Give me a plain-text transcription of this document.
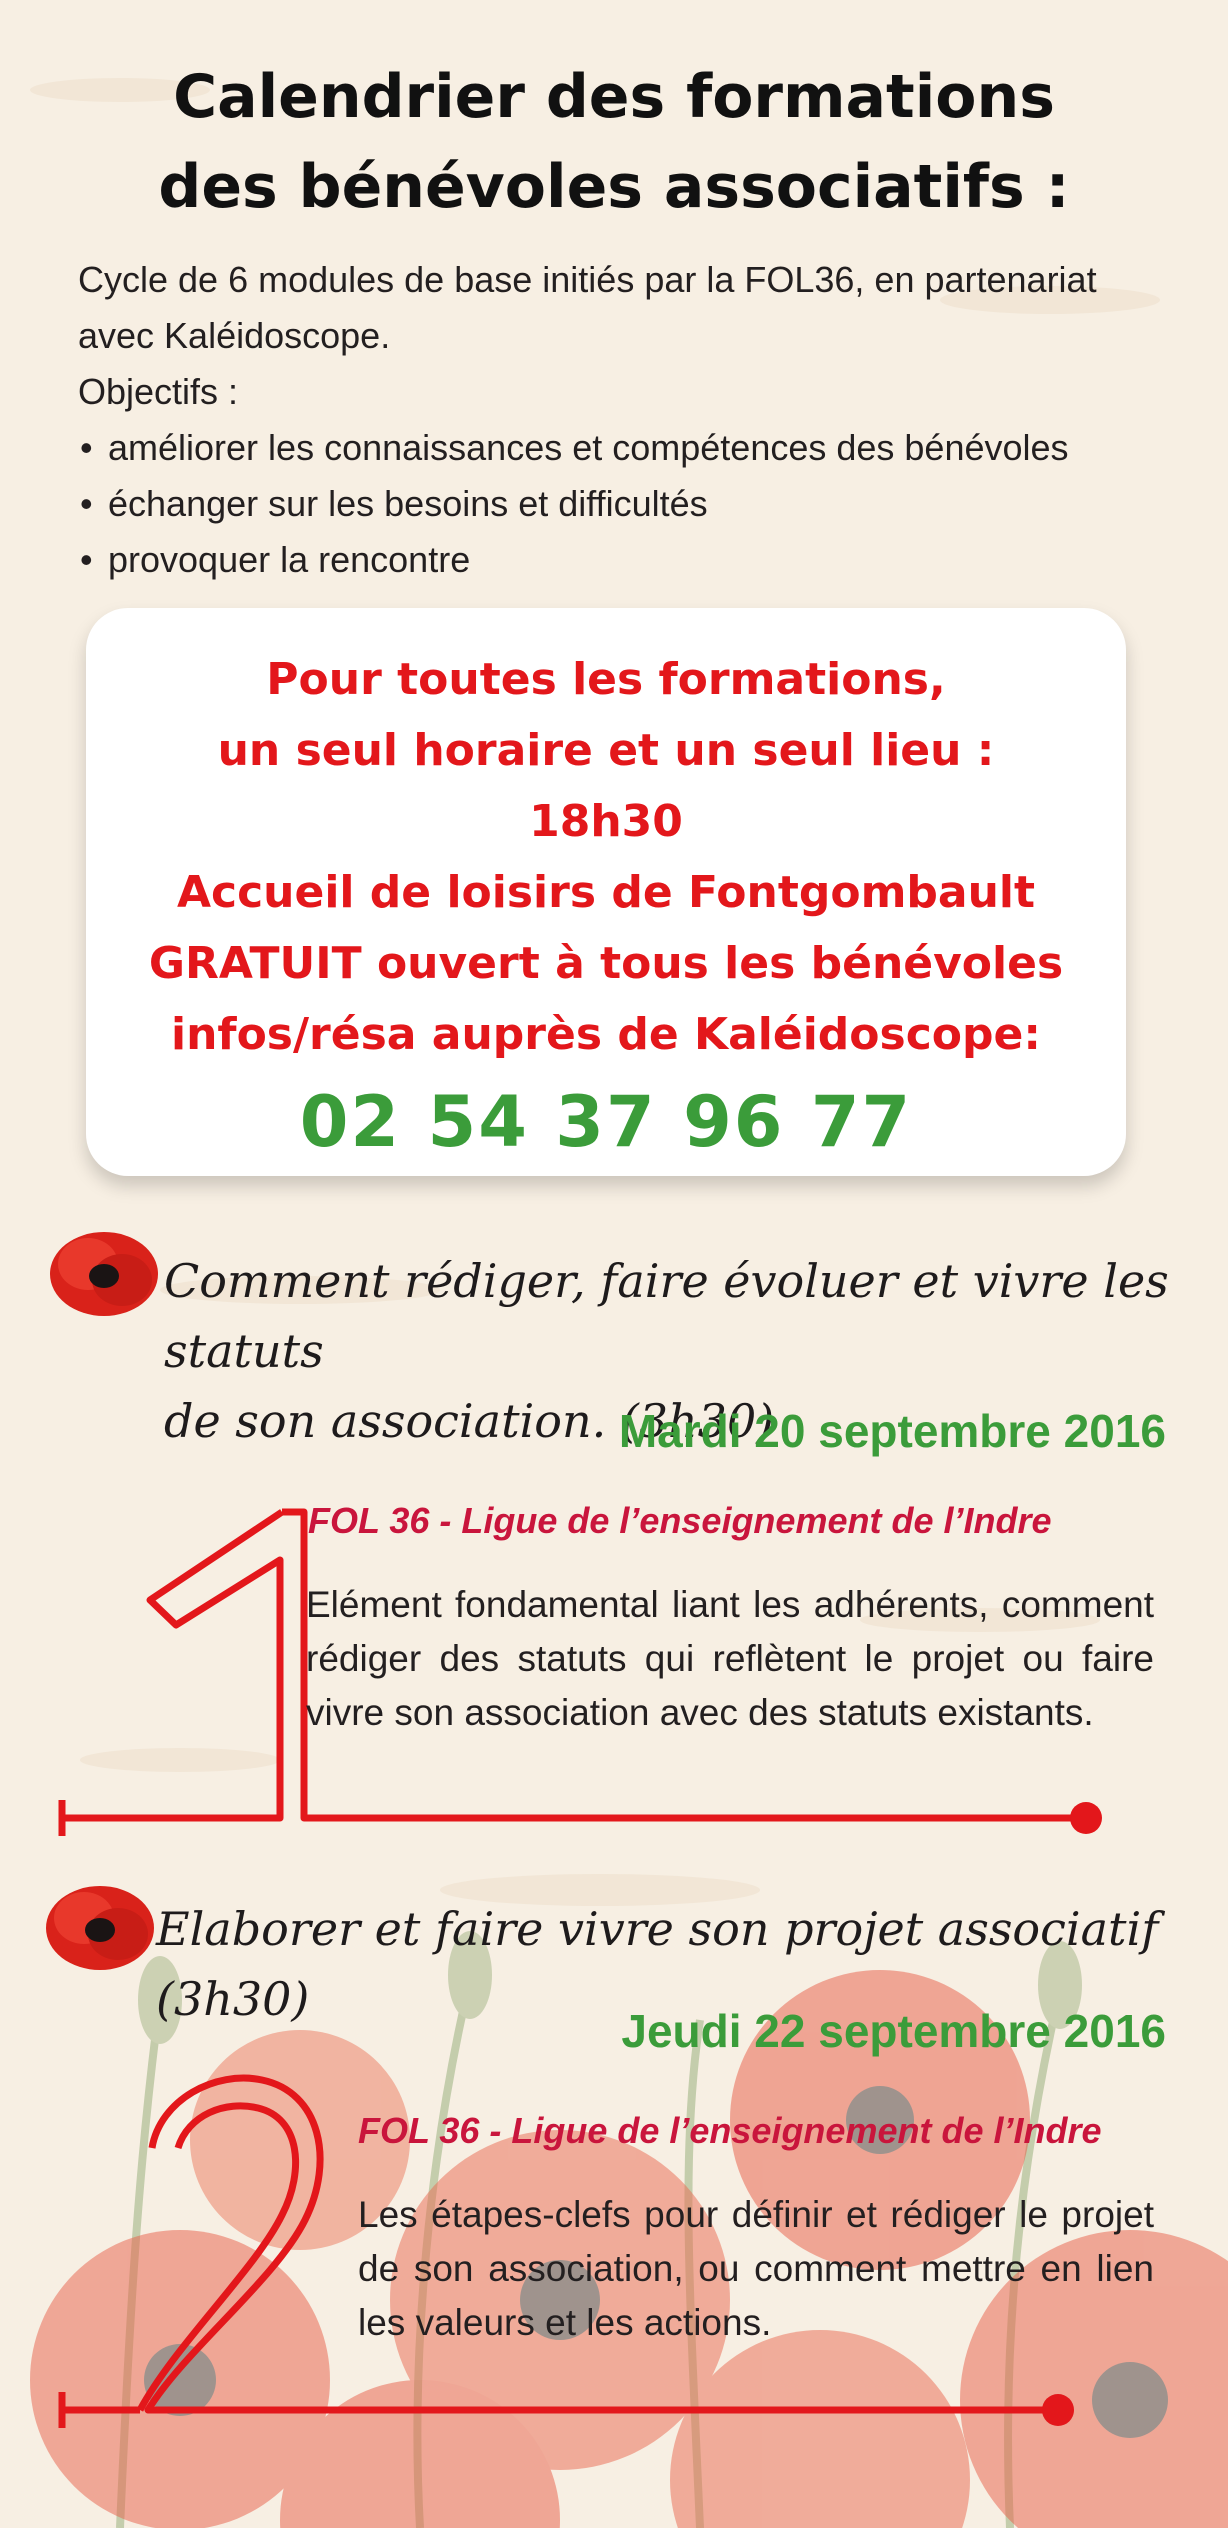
Calendrier des formations
des bénévoles associatifs :

Cycle de 6 modules de base initiés par la FOL36, en partenariat

avec Kaléidoscope.

Objectifs :

• améliorer les connaissances et compétences des bénévoles
• échanger sur les besoins et difficultés
• provoquer la rencontre
Pour toutes les formations,
un seul horaire et un seul lieu :
18h30
Accueil de loisirs de Fontgombault
GRATUIT ouvert à tous les bénévoles
infos/résa auprès de Kaléidoscope:
02 54 37 96 77
Comment rédiger, faire évoluer et vivre les statuts
de son association. (3h30)
Mardi 20 septembre 2016
FOL 36 - Ligue de l’enseignement de l’Indre
Elément fondamental liant les adhérents, comment rédiger des statuts qui reflètent le projet ou faire vivre son association avec des statuts existants.
Elaborer et faire vivre son projet associatif (3h30)
Jeudi 22 septembre 2016
FOL 36 - Ligue de l’enseignement de l’Indre
Les étapes-clefs pour définir et rédiger le projet de son association, ou comment mettre en lien les valeurs et les actions.
